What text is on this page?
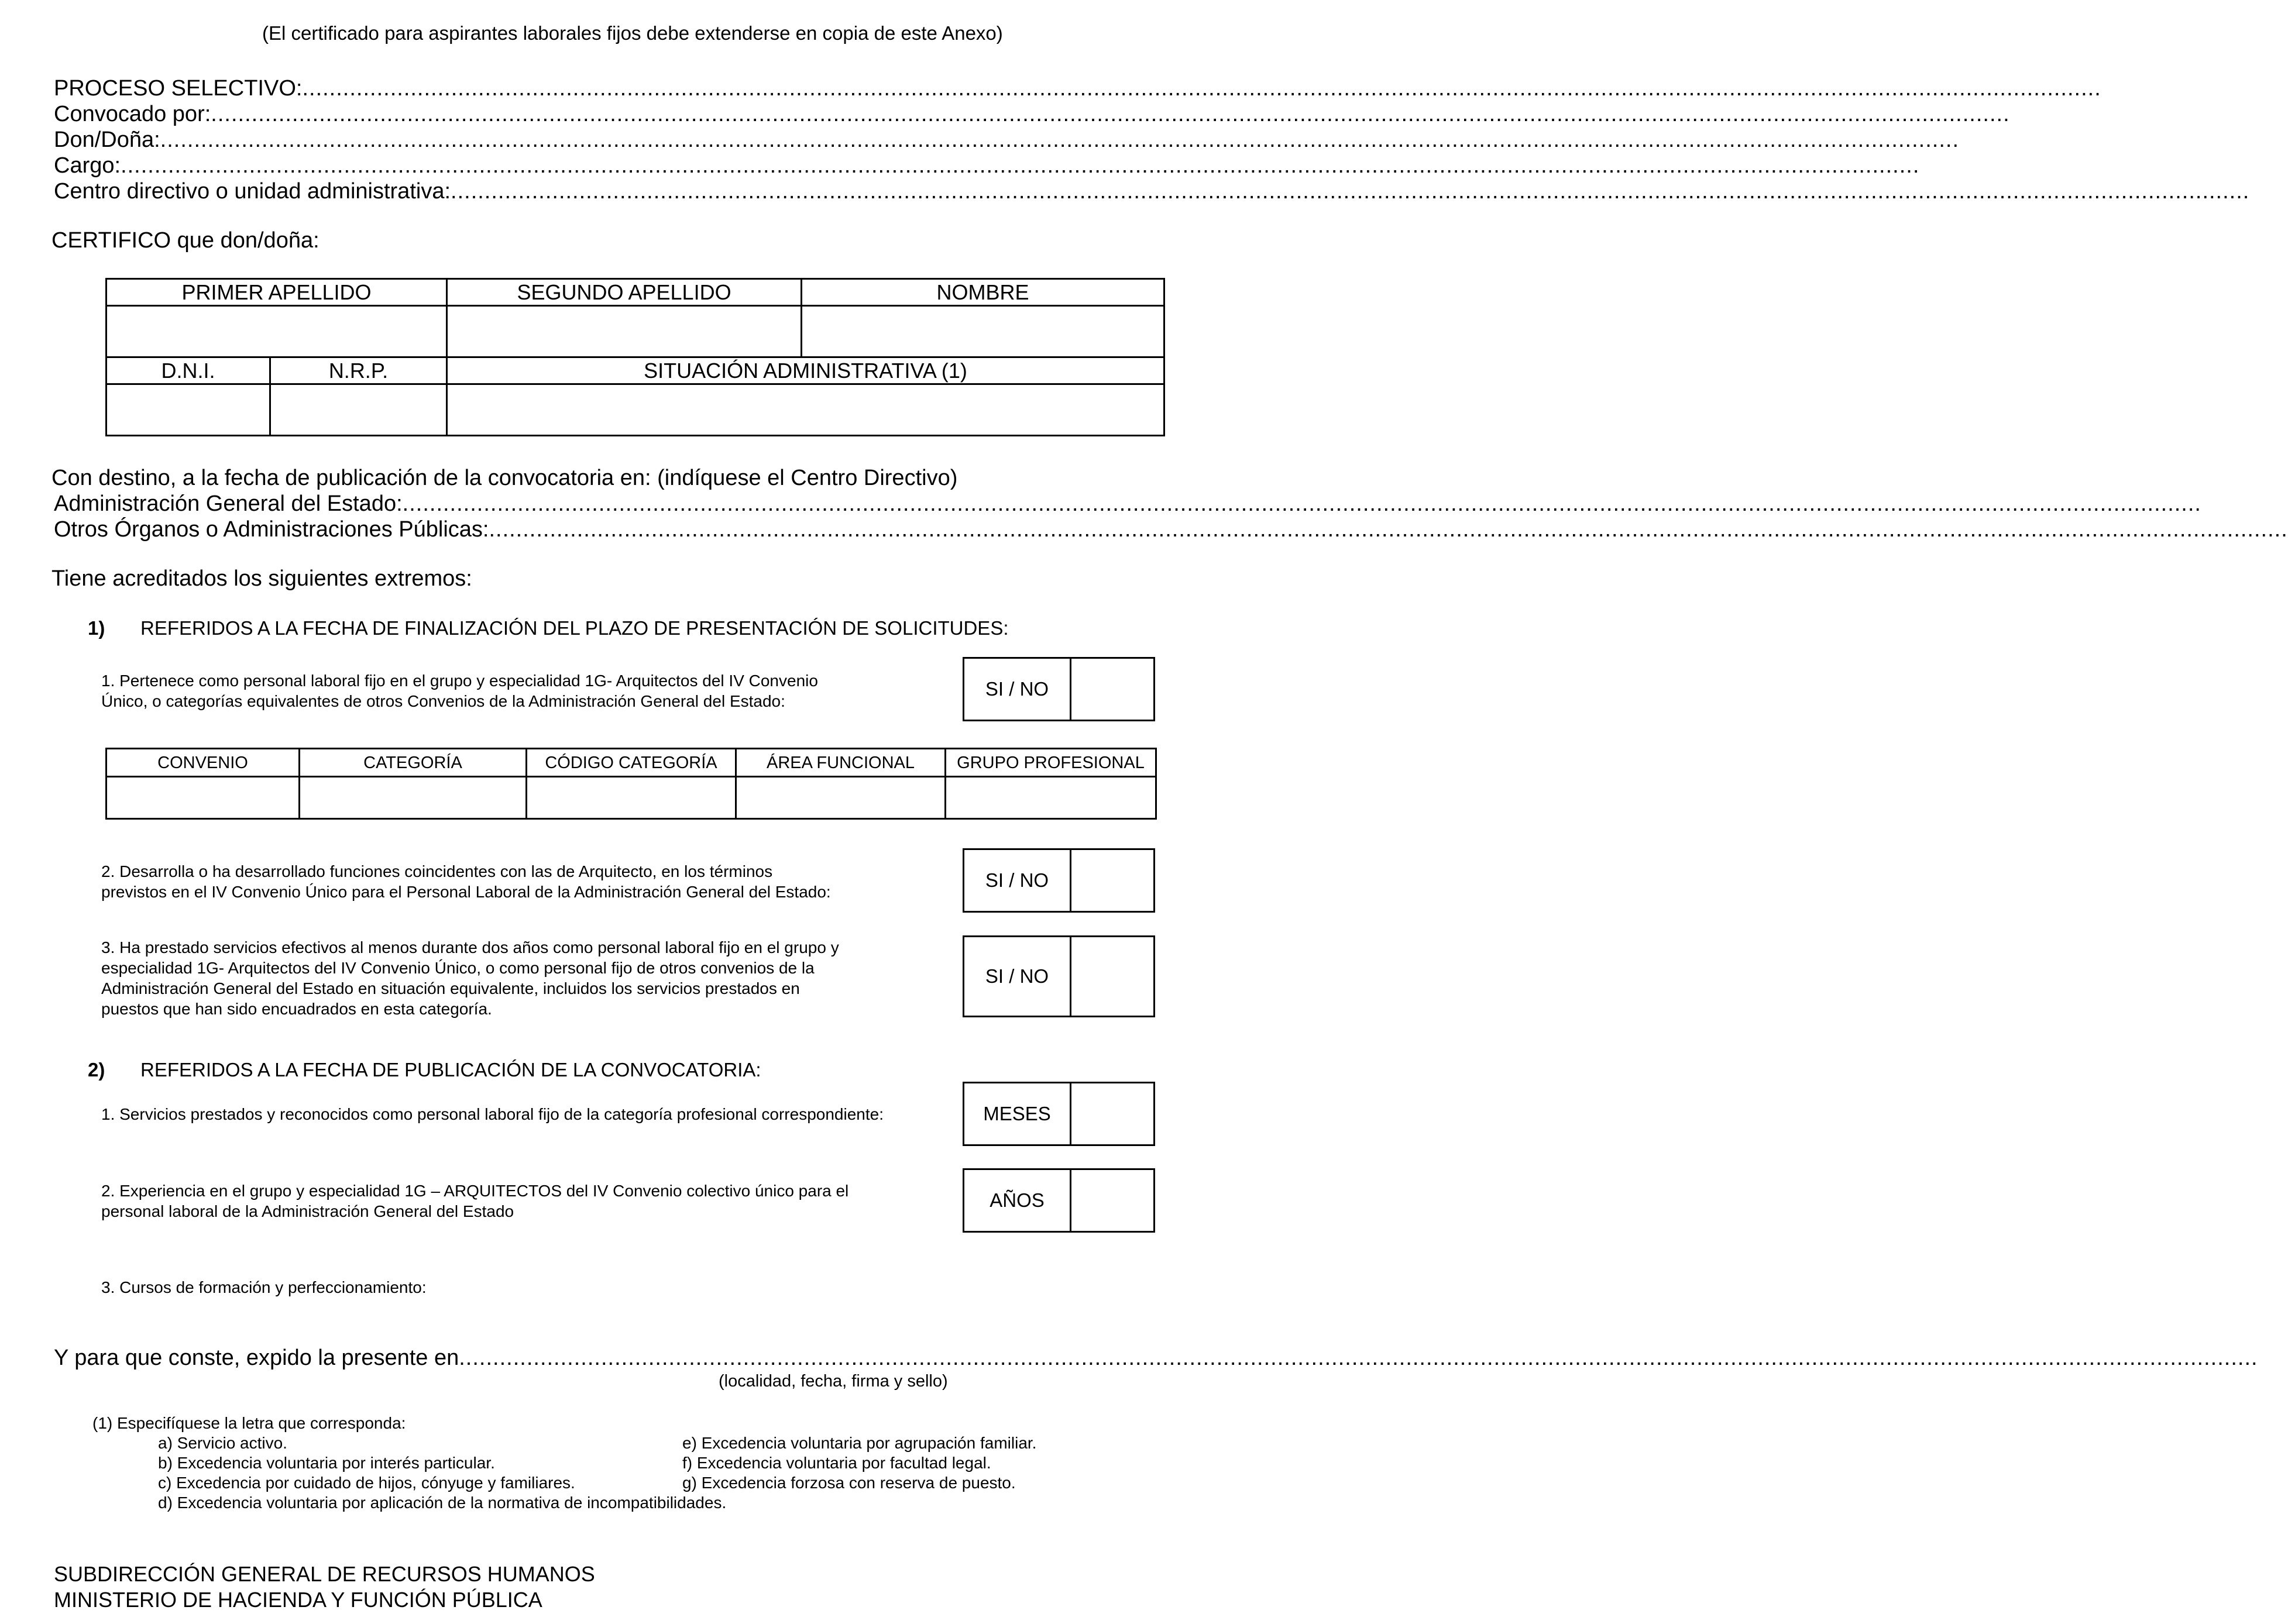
(El certificado para aspirantes laborales fijos debe extenderse en copia de este Anexo)
PROCESO SELECTIVO: ..........................................................................................................................................................................................................................................................................
Convocado por: ..........................................................................................................................................................................................................................................................................
Don/Doña: ..........................................................................................................................................................................................................................................................................
Cargo: ..........................................................................................................................................................................................................................................................................
Centro directivo o unidad administrativa: ..........................................................................................................................................................................................................................................................................
CERTIFICO que don/doña:
PRIMER APELLIDO		SEGUNDO APELLIDO	NOMBRE

D.N.I.	N.R.P.	SITUACIÓN ADMINISTRATIVA (1)	

Con destino, a la fecha de publicación de la convocatoria en: (indíquese el Centro Directivo)
Administración General del Estado: ..........................................................................................................................................................................................................................................................................
Otros Órganos o Administraciones Públicas: ..........................................................................................................................................................................................................................................................................
Tiene acreditados los siguientes extremos:
1) REFERIDOS A LA FECHA DE FINALIZACIÓN DEL PLAZO DE PRESENTACIÓN DE SOLICITUDES:
1. Pertenece como personal laboral fijo en el grupo y especialidad 1G- Arquitectos del IV Convenio
Único, o categorías equivalentes de otros Convenios de la Administración General del Estado:
SI / NO
CONVENIO	CATEGORÍA	CÓDIGO CATEGORÍA	ÁREA FUNCIONAL	GRUPO PROFESIONAL

2. Desarrolla o ha desarrollado funciones coincidentes con las de Arquitecto, en los términos
previstos en el IV Convenio Único para el Personal Laboral de la Administración General del Estado:
SI / NO
3. Ha prestado servicios efectivos al menos durante dos años como personal laboral fijo en el grupo y
especialidad 1G- Arquitectos del IV Convenio Único, o como personal fijo de otros convenios de la
Administración General del Estado en situación equivalente, incluidos los servicios prestados en
puestos que han sido encuadrados en esta categoría.
SI / NO
2) REFERIDOS A LA FECHA DE PUBLICACIÓN DE LA CONVOCATORIA:
1. Servicios prestados y reconocidos como personal laboral fijo de la categoría profesional correspondiente:	MESES
2. Experiencia en el grupo y especialidad 1G – ARQUITECTOS del IV Convenio colectivo único para el
personal laboral de la Administración General del Estado
AÑOS
3. Cursos de formación y perfeccionamiento:
Y para que conste, expido la presente en ..........................................................................................................................................................................................................................................................................
(localidad, fecha, firma y sello)
(1) Especifíquese la letra que corresponda:
a) Servicio activo.
b) Excedencia voluntaria por interés particular.
c) Excedencia por cuidado de hijos, cónyuge y familiares.
d) Excedencia voluntaria por aplicación de la normativa de incompatibilidades.
e) Excedencia voluntaria por agrupación familiar.
f) Excedencia voluntaria por facultad legal.
g) Excedencia forzosa con reserva de puesto.
SUBDIRECCIÓN GENERAL DE RECURSOS HUMANOS
MINISTERIO DE HACIENDA Y FUNCIÓN PÚBLICA
